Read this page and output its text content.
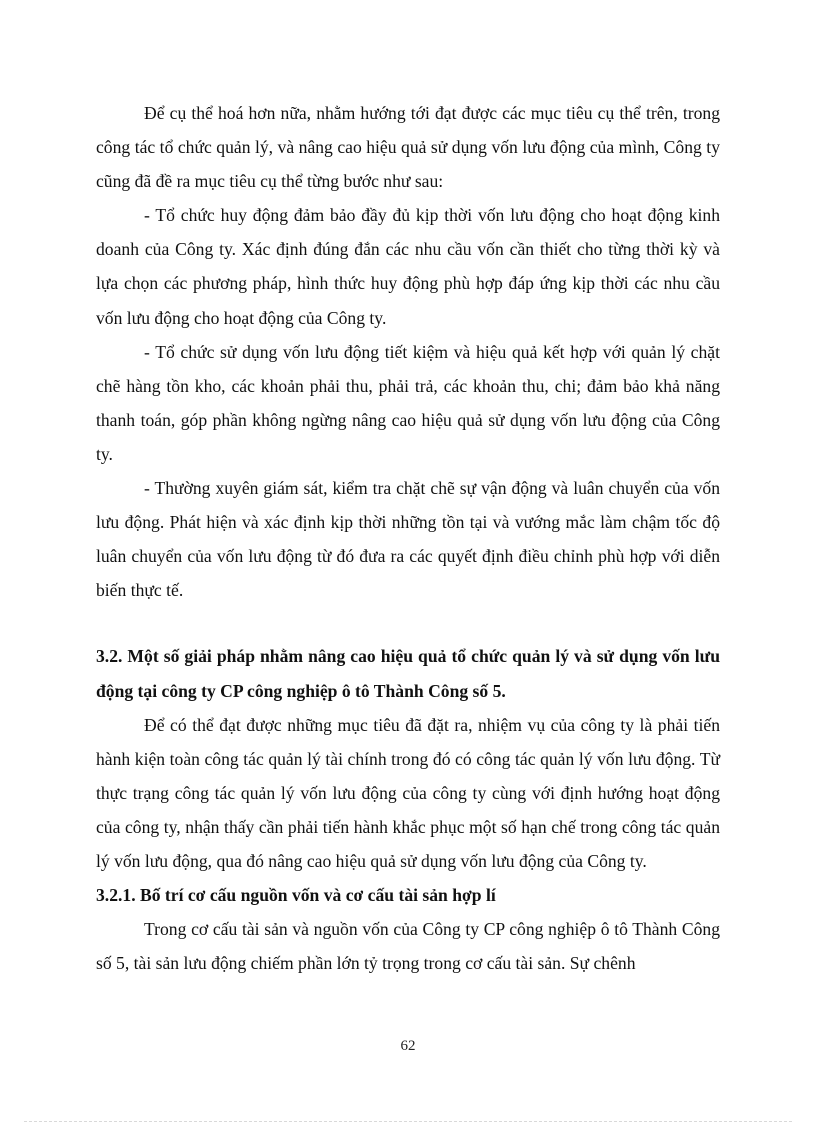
Để cụ thể hoá hơn nữa, nhằm hướng tới đạt được các mục tiêu cụ thể trên, trong công tác tổ chức quản lý, và nâng cao hiệu quả sử dụng vốn lưu động của mình, Công ty cũng đã đề ra mục tiêu cụ thể từng bước như sau:

- Tổ chức huy động đảm bảo đầy đủ kịp thời vốn lưu động cho hoạt động kinh doanh của Công ty. Xác định đúng đắn các nhu cầu vốn cần thiết cho từng thời kỳ và lựa chọn các phương pháp, hình thức huy động phù hợp đáp ứng kịp thời các nhu cầu vốn lưu động cho hoạt động của Công ty.

- Tổ chức sử dụng vốn lưu động tiết kiệm và hiệu quả kết hợp với quản lý chặt chẽ hàng tồn kho, các khoản phải thu, phải trả, các khoản thu, chi; đảm bảo khả năng thanh toán, góp phần không ngừng nâng cao hiệu quả sử dụng vốn lưu động của Công ty.

- Thường xuyên giám sát, kiểm tra chặt chẽ sự vận động và luân chuyển của vốn lưu động. Phát hiện và xác định kịp thời những tồn tại và vướng mắc làm chậm tốc độ luân chuyển của vốn lưu động từ đó đưa ra các quyết định điều chỉnh phù hợp với diễn biến thực tế.

3.2. Một số giải pháp nhằm nâng cao hiệu quả tổ chức quản lý và sử dụng vốn lưu động tại công ty CP công nghiệp ô tô Thành Công số 5.

Để có thể đạt được những mục tiêu đã đặt ra, nhiệm vụ của công ty là phải tiến hành kiện toàn công tác quản lý tài chính trong đó có công tác quản lý vốn lưu động. Từ thực trạng công tác quản lý vốn lưu động của công ty cùng với định hướng hoạt động của công ty, nhận thấy cần phải tiến hành khắc phục một số hạn chế trong công tác quản lý vốn lưu động, qua đó nâng cao hiệu quả sử dụng vốn lưu động của Công ty.

3.2.1. Bố trí cơ cấu nguồn vốn và cơ cấu tài sản hợp lí

Trong cơ cấu tài sản và nguồn vốn của Công ty CP công nghiệp ô tô Thành Công số 5, tài sản lưu động chiếm phần lớn tỷ trọng trong cơ cấu tài sản. Sự chênh

62
